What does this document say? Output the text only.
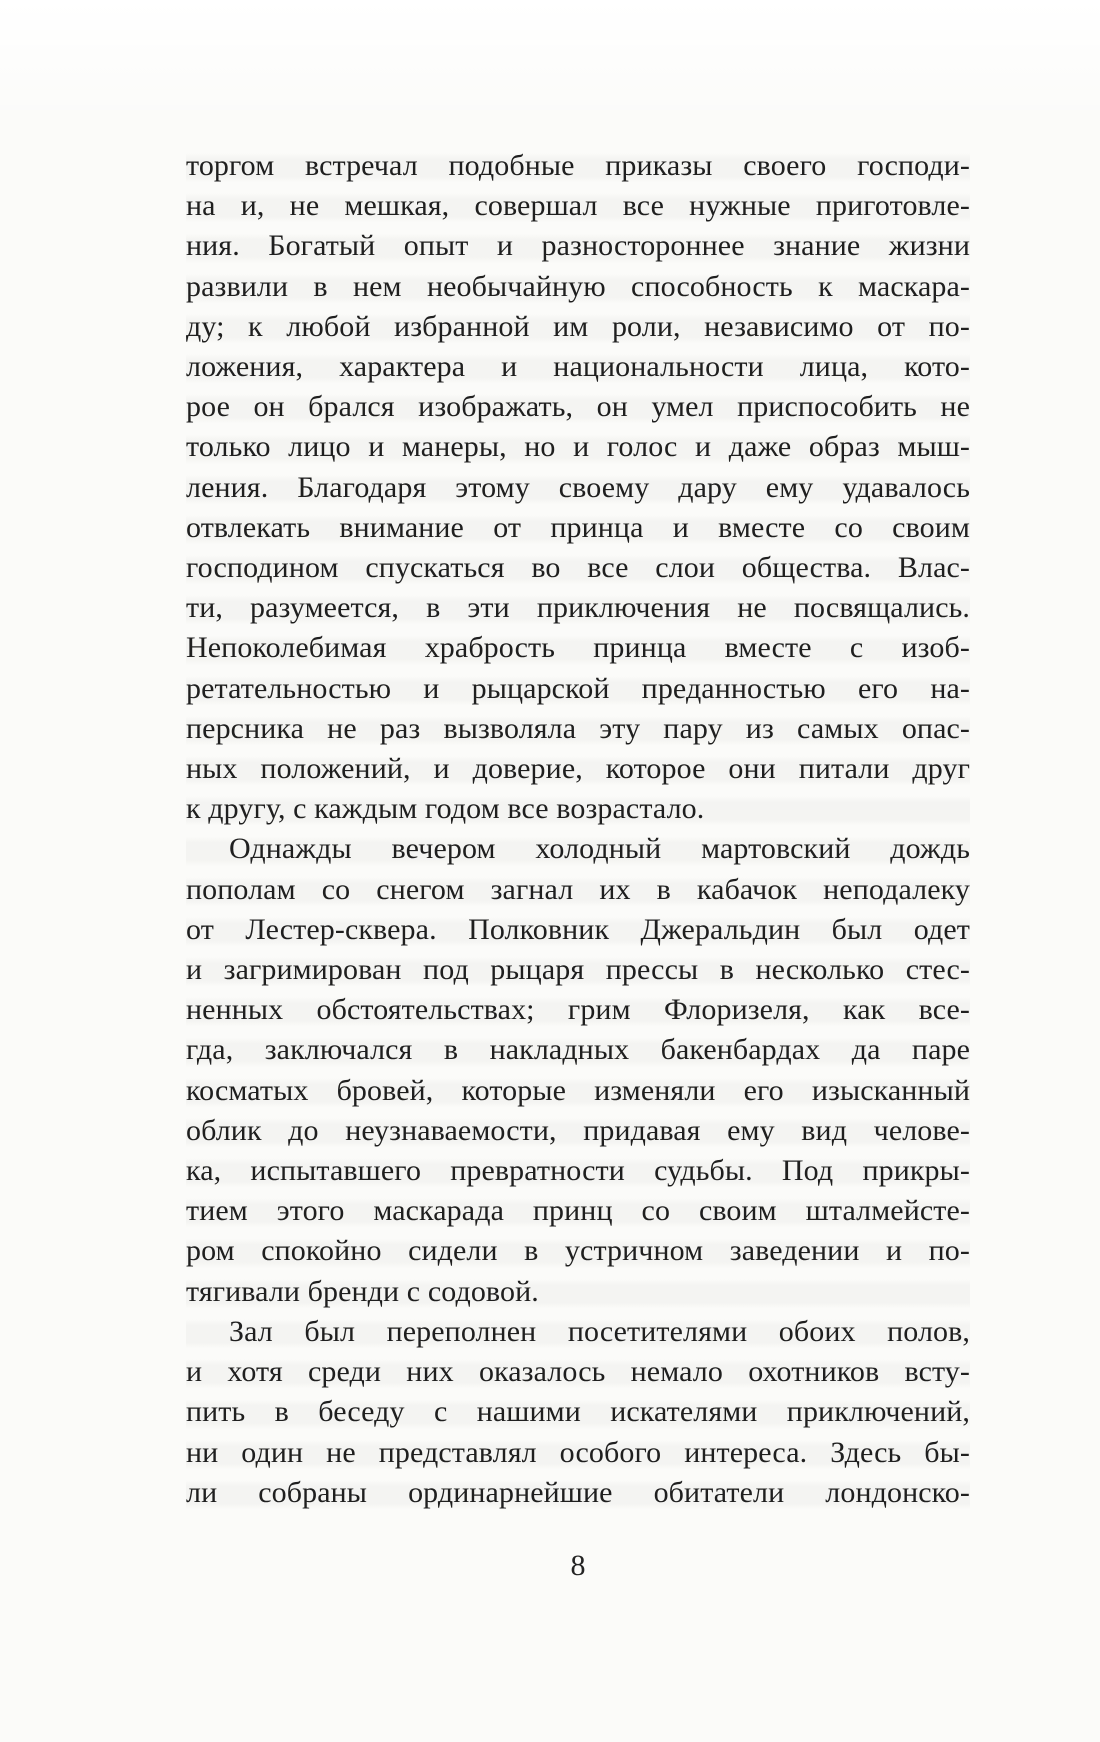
торгом встречал подобные приказы своего господи-
на и, не мешкая, совершал все нужные приготовле-
ния. Богатый опыт и разностороннее знание жизни
развили в нем необычайную способность к маскара-
ду; к любой избранной им роли, независимо от по-
ложения, характера и национальности лица, кото-
рое он брался изображать, он умел приспособить не
только лицо и манеры, но и голос и даже образ мыш-
ления. Благодаря этому своему дару ему удавалось
отвлекать внимание от принца и вместе со своим
господином спускаться во все слои общества. Влас-
ти, разумеется, в эти приключения не посвящались.
Непоколебимая храбрость принца вместе с изоб-
ретательностью и рыцарской преданностью его на-
персника не раз вызволяла эту пару из самых опас-
ных положений, и доверие, которое они питали друг
к другу, с каждым годом все возрастало.
Однажды вечером холодный мартовский дождь
пополам со снегом загнал их в кабачок неподалеку
от Лестер-сквера. Полковник Джеральдин был одет
и загримирован под рыцаря прессы в несколько стес-
ненных обстоятельствах; грим Флоризеля, как все-
гда, заключался в накладных бакенбардах да паре
косматых бровей, которые изменяли его изысканный
облик до неузнаваемости, придавая ему вид челове-
ка, испытавшего превратности судьбы. Под прикры-
тием этого маскарада принц со своим шталмейсте-
ром спокойно сидели в устричном заведении и по-
тягивали бренди с содовой.
Зал был переполнен посетителями обоих полов,
и хотя среди них оказалось немало охотников всту-
пить в беседу с нашими искателями приключений,
ни один не представлял особого интереса. Здесь бы-
ли собраны ординарнейшие обитатели лондонско-
8
